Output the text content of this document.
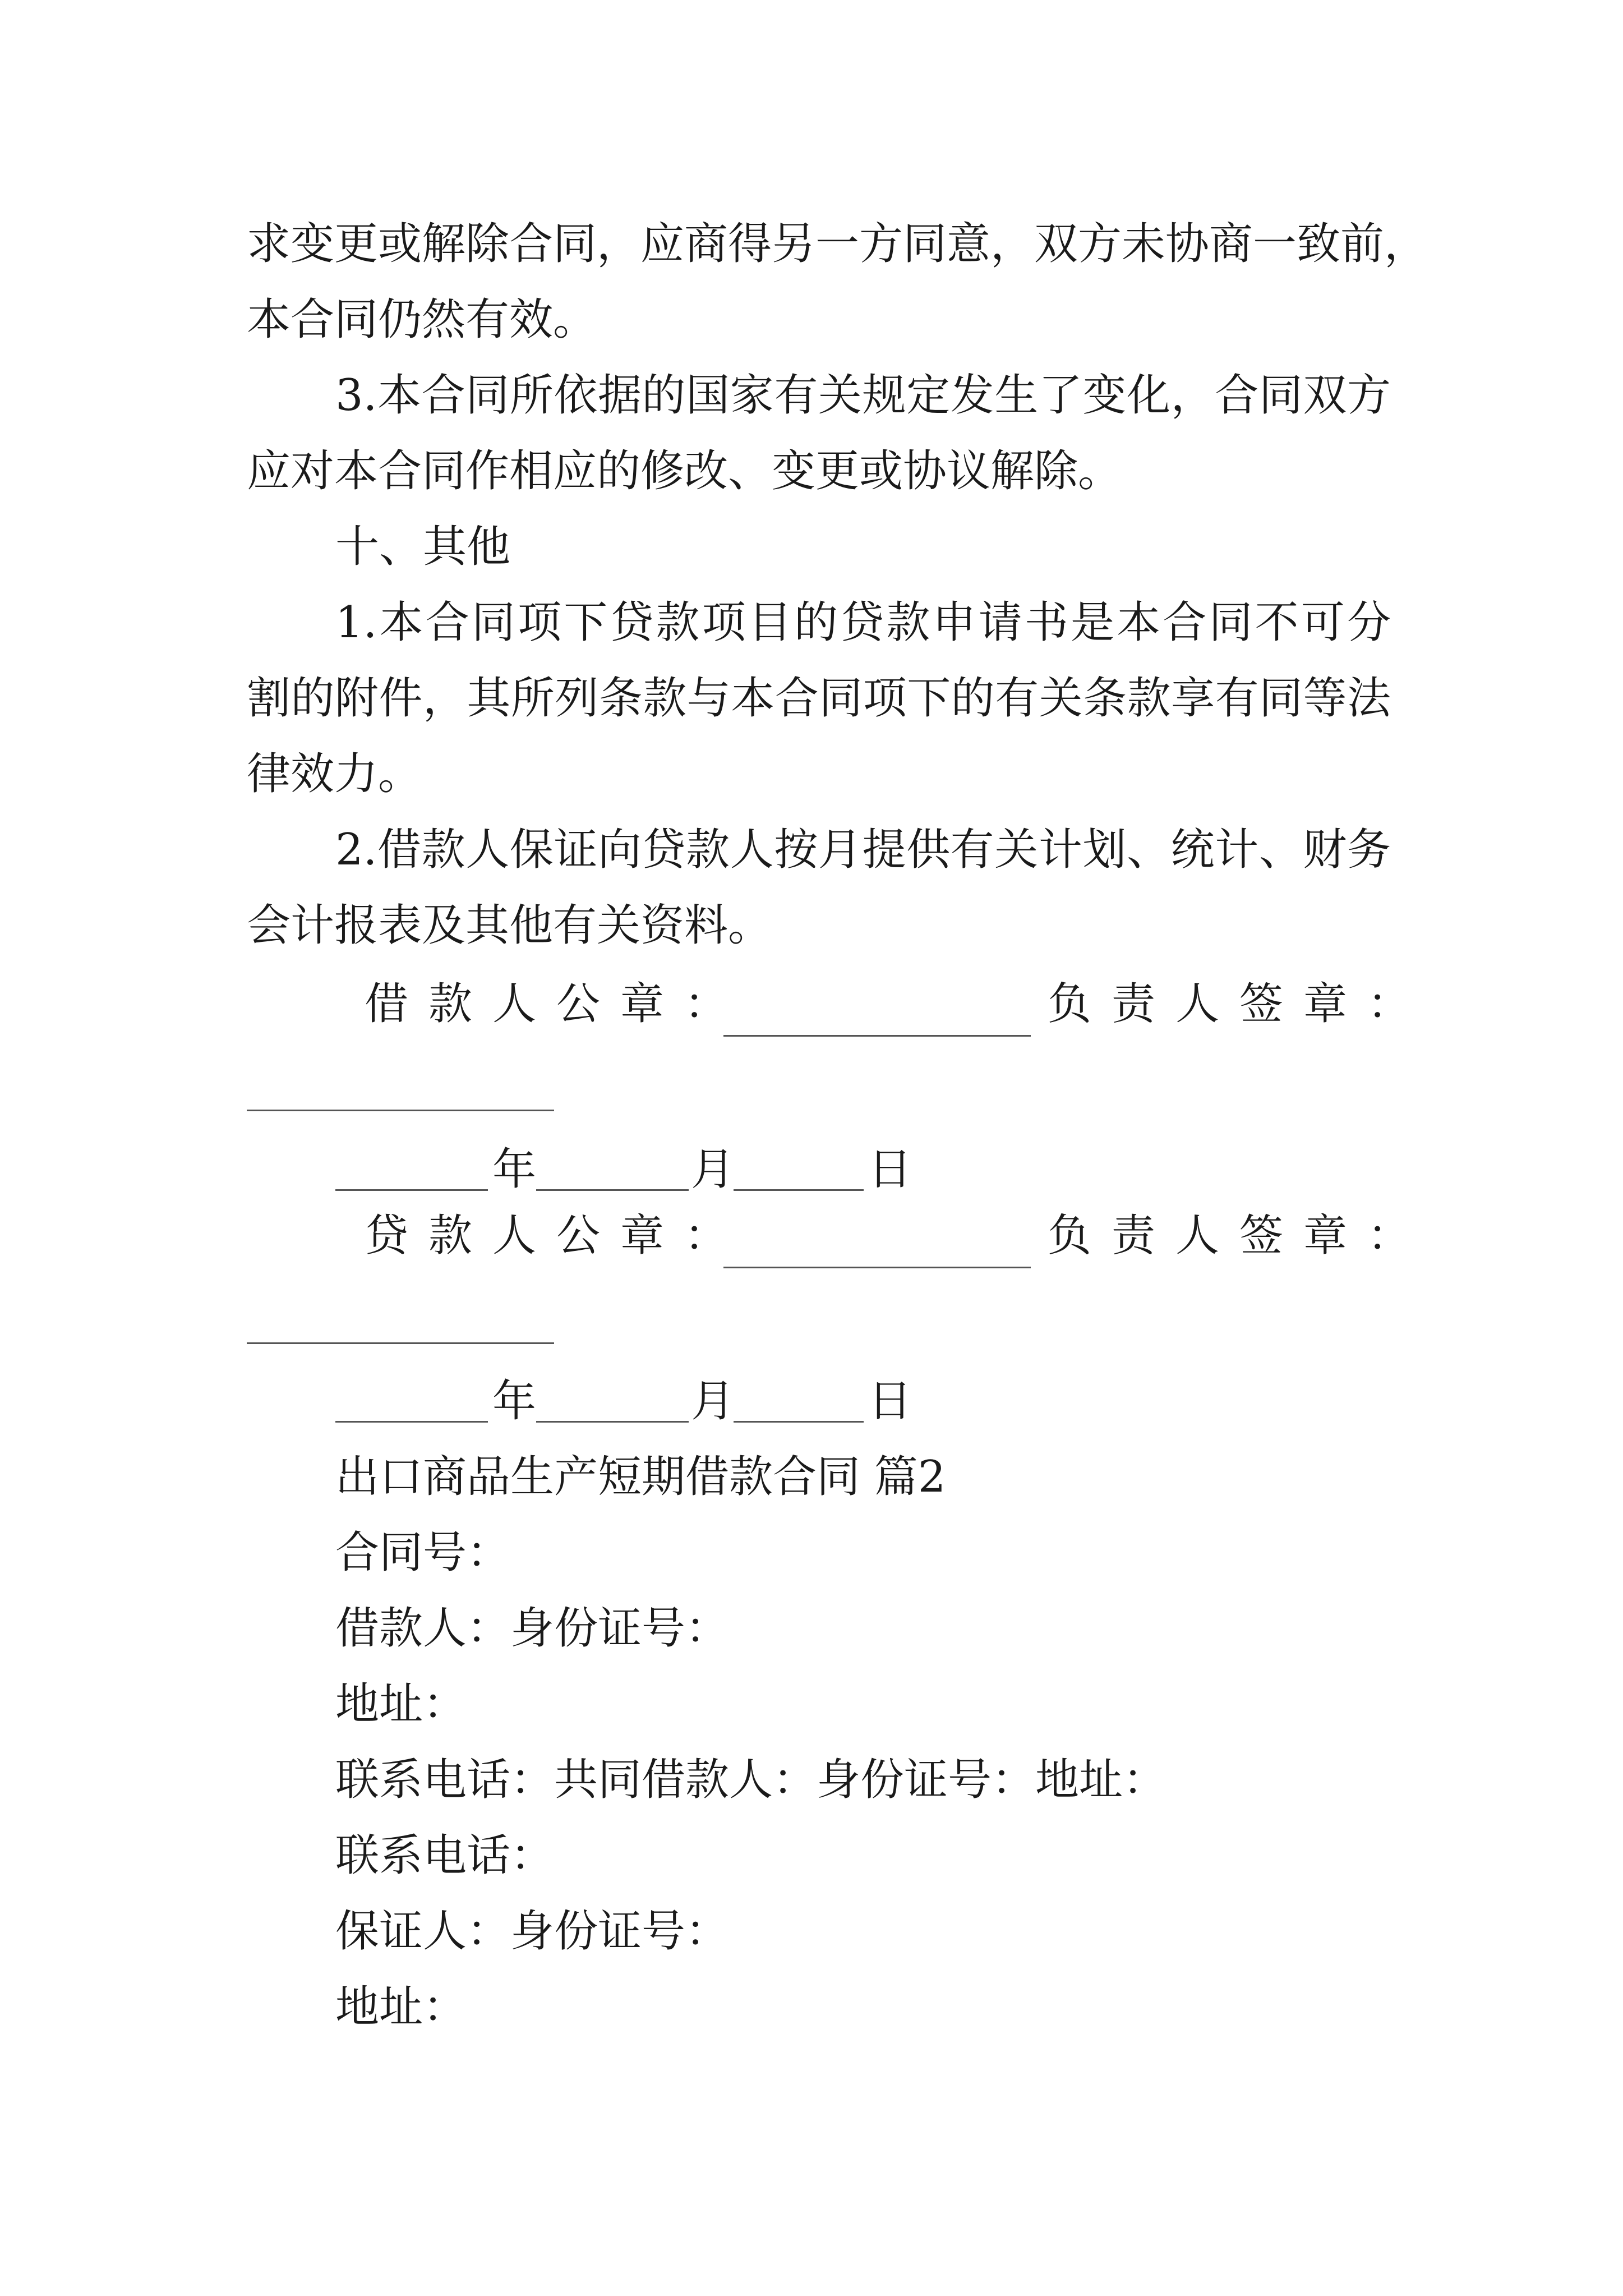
求变更或解除合同，应商得另一方同意，双方未协商一致前，
本合同仍然有效。
3.本合同所依据的国家有关规定发生了变化，合同双方
应对本合同作相应的修改、变更或协议解除。
十、其他
1.本合同项下贷款项目的贷款申请书是本合同不可分
割的附件，其所列条款与本合同项下的有关条款享有同等法
律效力。
2.借款人保证向贷款人按月提供有关计划、统计、财务
会计报表及其他有关资料。
借款人公章：	负责人签章：
年	月	日
贷款人公章：	负责人签章：
年	月	日
出口商品生产短期借款合同 篇2
合同号：
借款人：身份证号：
地址：
联系电话：共同借款人：身份证号：地址：
联系电话：
保证人：身份证号：
地址：
